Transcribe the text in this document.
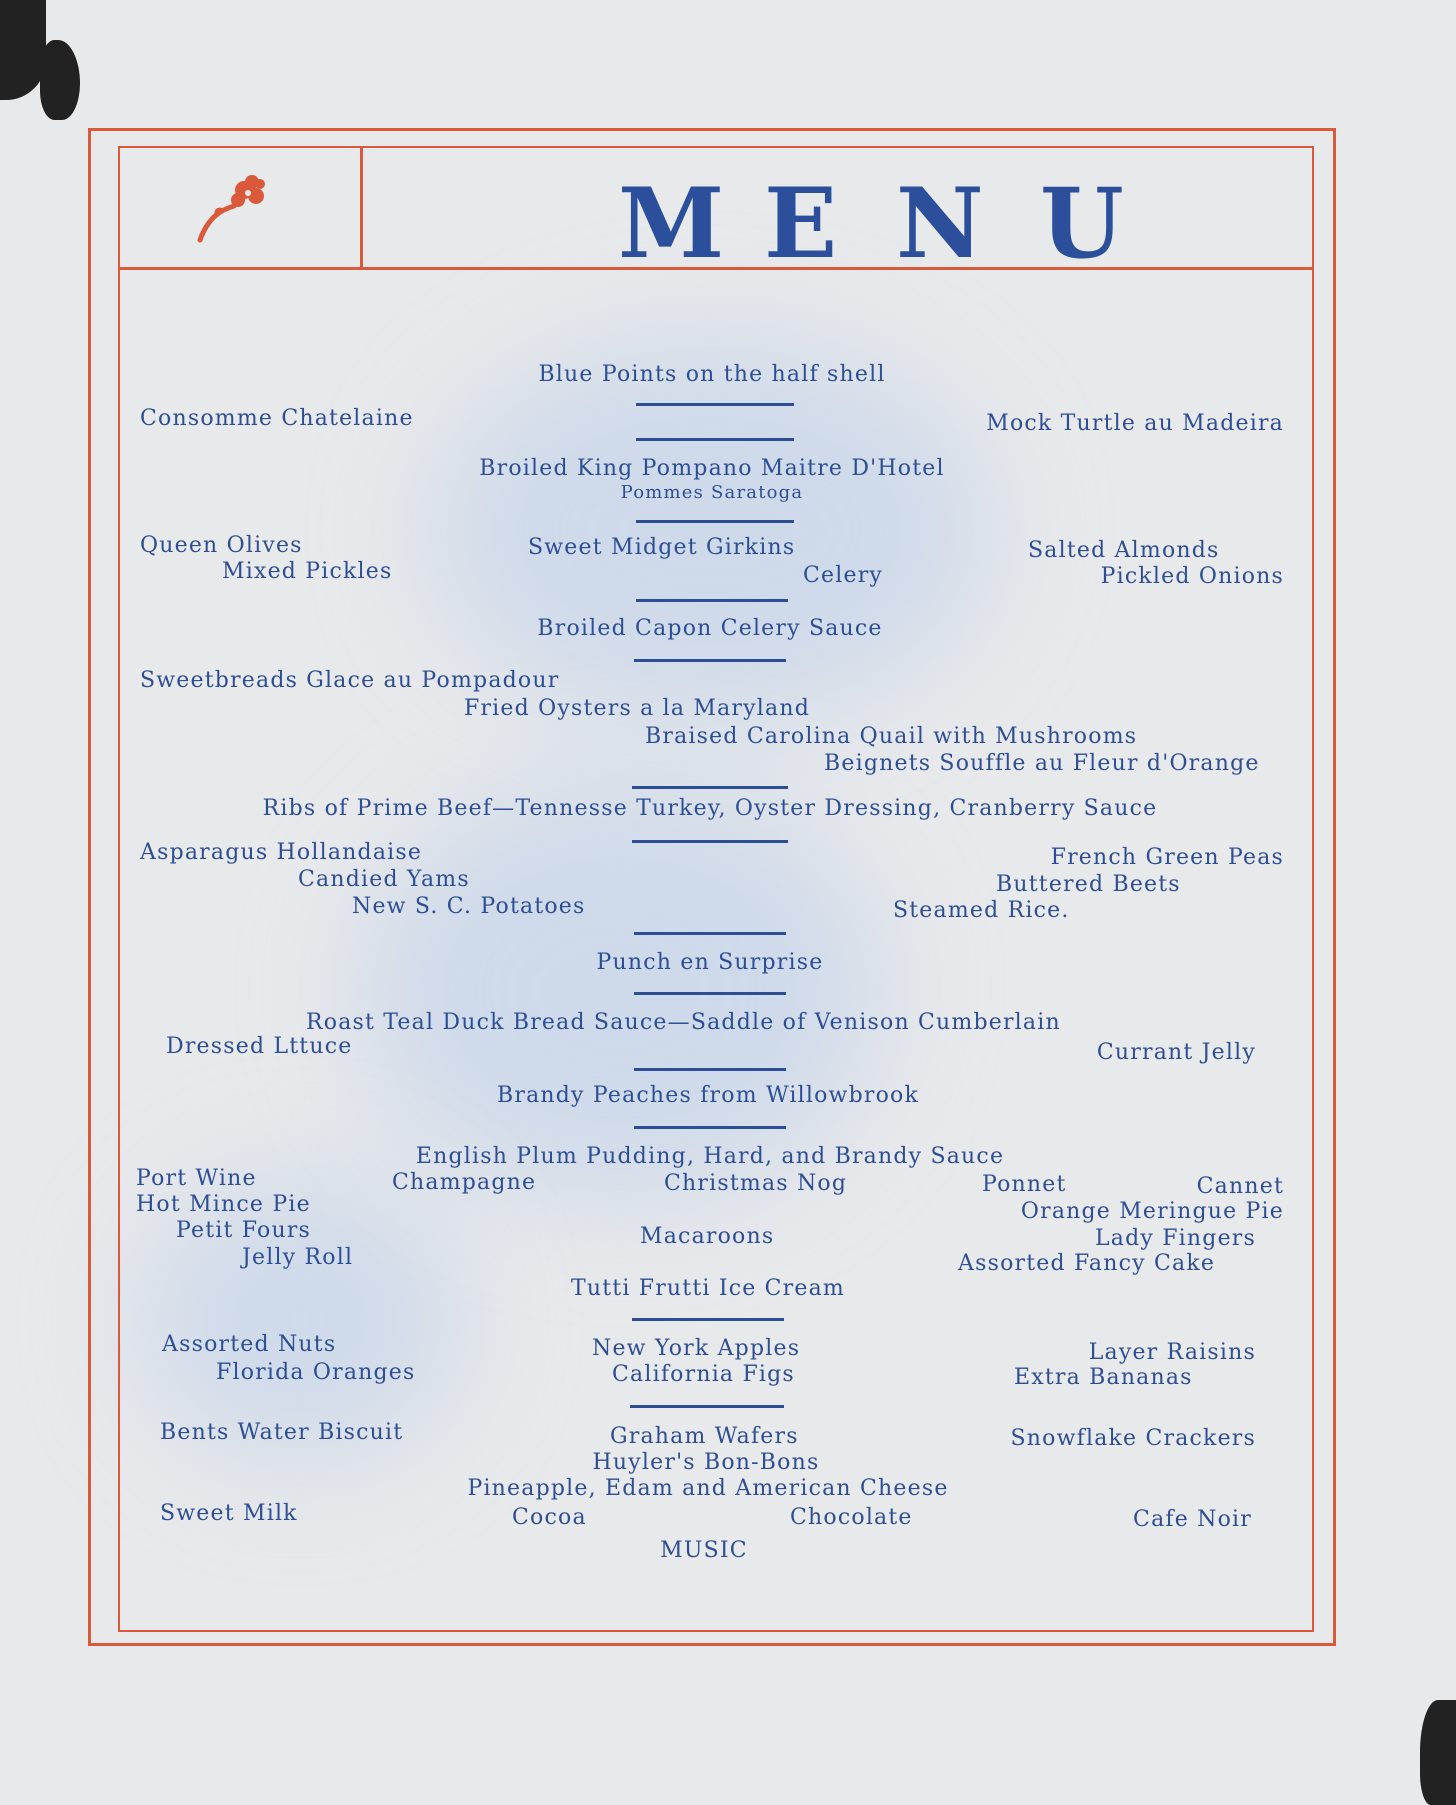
M E N U
Blue Points on the half shell
Consomme Chatelaine	Mock Turtle au Madeira
Broiled King Pompano Maitre D'Hotel
Pommes Saratoga
Queen Olives
Mixed Pickles
Sweet Midget Girkins
Celery
Salted Almonds
Pickled Onions
Broiled Capon Celery Sauce
Sweetbreads Glace au Pompadour
Fried Oysters a la Maryland
Braised Carolina Quail with Mushrooms
Beignets Souffle au Fleur d'Orange
Ribs of Prime Beef—Tennesse Turkey, Oyster Dressing, Cranberry Sauce
Asparagus Hollandaise
Candied Yams
New S. C. Potatoes
French Green Peas
Buttered Beets
Steamed Rice.
Punch en Surprise
Roast Teal Duck Bread Sauce—Saddle of Venison Cumberlain
Dressed Lttuce	Currant Jelly
Brandy Peaches from Willowbrook
English Plum Pudding, Hard, and Brandy Sauce
Port Wine	Champagne	Christmas Nog	Ponnet	Cannet
Hot Mince Pie	Orange Meringue Pie
Petit Fours	Macaroons	Lady Fingers
Jelly Roll	Assorted Fancy Cake
Tutti Frutti Ice Cream
Assorted Nuts
Florida Oranges
New York Apples
California Figs
Layer Raisins
Extra Bananas
Bents Water Biscuit	Graham Wafers	Snowflake Crackers
Huyler's Bon-Bons
Pineapple, Edam and American Cheese
Sweet Milk	Cocoa	Chocolate	Cafe Noir
MUSIC
